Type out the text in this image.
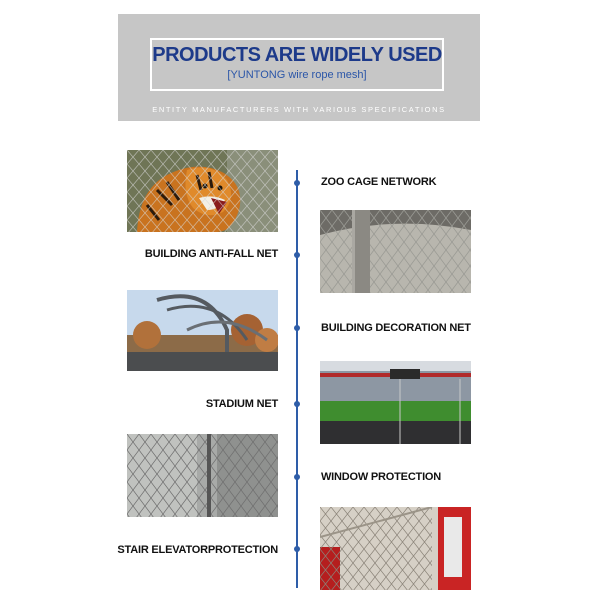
PRODUCTS ARE WIDELY USED
[YUNTONG wire rope mesh]
ENTITY MANUFACTURERS WITH VARIOUS SPECIFICATIONS
ZOO CAGE NETWORK
BUILDING ANTI-FALL NET
BUILDING DECORATION NET
STADIUM NET
WINDOW PROTECTION
STAIR ELEVATORPROTECTION
